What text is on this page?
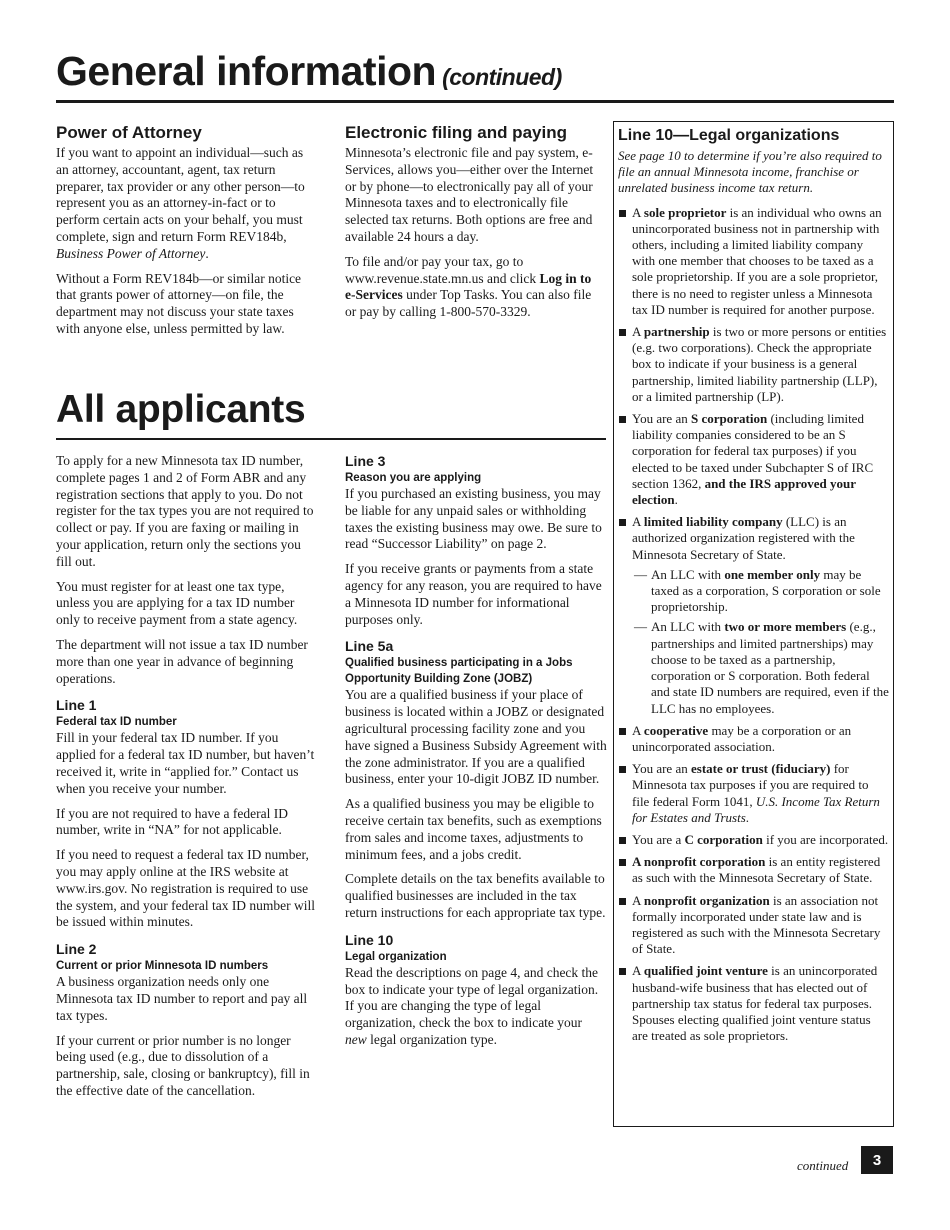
General information (continued)
Power of Attorney

If you want to appoint an individual—such as an attorney, accountant, agent, tax return preparer, tax provider or any other person—to represent you as an attorney-in-fact or to perform certain acts on your behalf, you must complete, sign and return Form REV184b, Business Power of Attorney.

Without a Form REV184b—or similar notice that grants power of attorney—on file, the department may not discuss your state taxes with anyone else, unless permitted by law.

Electronic filing and paying

Minnesota’s electronic file and pay system, e-Services, allows you—either over the Internet or by phone—to electronically pay all of your Minnesota taxes and to electronically file selected tax returns. Both options are free and available 24 hours a day.

To file and/or pay your tax, go to www.revenue.state.mn.us and click Log in to e-Services under Top Tasks. You can also file or pay by calling 1-800-570-3329.

All applicants

To apply for a new Minnesota tax ID number, complete pages 1 and 2 of Form ABR and any registration sections that apply to you. Do not register for the tax types you are not required to collect or pay. If you are faxing or mailing in your application, return only the sections you fill out.

You must register for at least one tax type, unless you are applying for a tax ID number only to receive payment from a state agency.

The department will not issue a tax ID number more than one year in advance of beginning operations.

Line 1
Federal tax ID number

Fill in your federal tax ID number. If you applied for a federal tax ID number, but haven’t received it, write in “applied for.” Contact us when you receive your number.

If you are not required to have a federal ID number, write in “NA” for not applicable.

If you need to request a federal tax ID number, you may apply online at the IRS website at www.irs.gov. No registration is required to use the system, and your federal tax ID number will be issued within minutes.

Line 2
Current or prior Minnesota ID numbers

A business organization needs only one Minnesota tax ID number to report and pay all tax types.

If your current or prior number is no longer being used (e.g., due to dissolution of a partnership, sale, closing or bankruptcy), fill in the effective date of the cancellation.

Line 3
Reason you are applying

If you purchased an existing business, you may be liable for any unpaid sales or withholding taxes the existing business may owe. Be sure to read “Successor Liability” on page 2.

If you receive grants or payments from a state agency for any reason, you are required to have a Minnesota ID number for informational purposes only.

Line 5a
Qualified business participating in a Jobs Opportunity Building Zone (JOBZ)

You are a qualified business if your place of business is located within a JOBZ or designated agricultural processing facility zone and you have signed a Business Subsidy Agreement with the zone administrator. If you are a qualified business, enter your 10-digit JOBZ ID number.

As a qualified business you may be eligible to receive certain tax benefits, such as exemptions from sales and income taxes, adjustments to minimum fees, and a jobs credit.

Complete details on the tax benefits available to qualified businesses are included in the tax return instructions for each appropriate tax type.

Line 10
Legal organization

Read the descriptions on page 4, and check the box to indicate your type of legal organization. If you are changing the type of legal organization, check the box to indicate your new legal organization type.

Line 10—Legal organizations
See page 10 to determine if you’re also required to file an annual Minnesota income, franchise or unrelated business income tax return.
A sole proprietor is an individual who owns an unincorporated business not in partnership with others, including a limited liability company with one member that chooses to be taxed as a sole proprietorship. If you are a sole proprietor, there is no need to register unless a Minnesota tax ID number is required for another purpose.
A partnership is two or more persons or entities (e.g. two corporations). Check the appropriate box to indicate if your business is a general partnership, limited liability partnership (LLP), or a limited partnership (LP).
You are an S corporation (including limited liability companies considered to be an S corporation for federal tax purposes) if you elected to be taxed under Subchapter S of IRC section 1362, and the IRS approved your election.
A limited liability company (LLC) is an authorized organization registered with the Minnesota Secretary of State.
— An LLC with one member only may be taxed as a corporation, S corporation or sole proprietorship.
— An LLC with two or more members (e.g., partnerships and limited partnerships) may choose to be taxed as a partnership, corporation or S corporation. Both federal and state ID numbers are required, even if the LLC has no employees.
A cooperative may be a corporation or an unincorporated association.
You are an estate or trust (fiduciary) for Minnesota tax purposes if you are required to file federal Form 1041, U.S. Income Tax Return for Estates and Trusts.
You are a C corporation if you are incorporated.
A nonprofit corporation is an entity registered as such with the Minnesota Secretary of State.
A nonprofit organization is an association not formally incorporated under state law and is registered as such with the Minnesota Secretary of State.
A qualified joint venture is an unincorporated husband-wife business that has elected out of partnership tax status for federal tax purposes. Spouses electing qualified joint venture status are treated as sole proprietors.
continued	3
